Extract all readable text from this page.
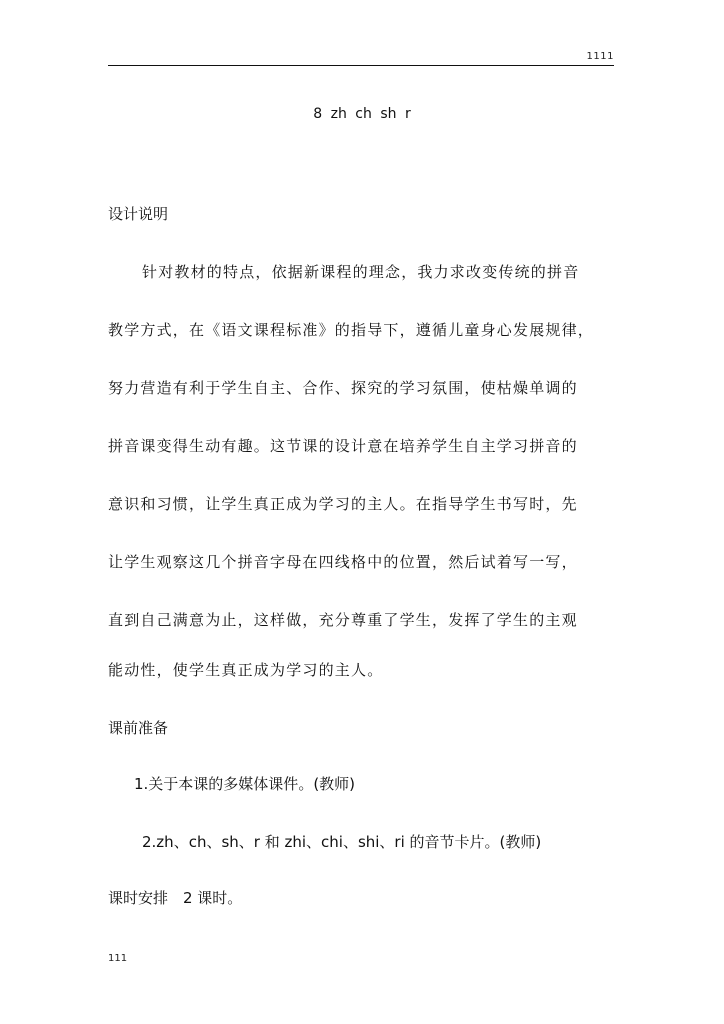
1111
8 zh ch sh r
设计说明
针对教材的特点，依据新课程的理念，我力求改变传统的拼音
教学方式，在《语文课程标准》的指导下，遵循儿童身心发展规律，
努力营造有利于学生自主、合作、探究的学习氛围，使枯燥单调的
拼音课变得生动有趣。这节课的设计意在培养学生自主学习拼音的
意识和习惯，让学生真正成为学习的主人。在指导学生书写时，先
让学生观察这几个拼音字母在四线格中的位置，然后试着写一写，
直到自己满意为止，这样做，充分尊重了学生，发挥了学生的主观
能动性，使学生真正成为学习的主人。
课前准备
1.关于本课的多媒体课件。(教师)
2.zh、ch、sh、r 和 zhi、chi、shi、ri 的音节卡片。(教师)
课时安排　2 课时。
111
